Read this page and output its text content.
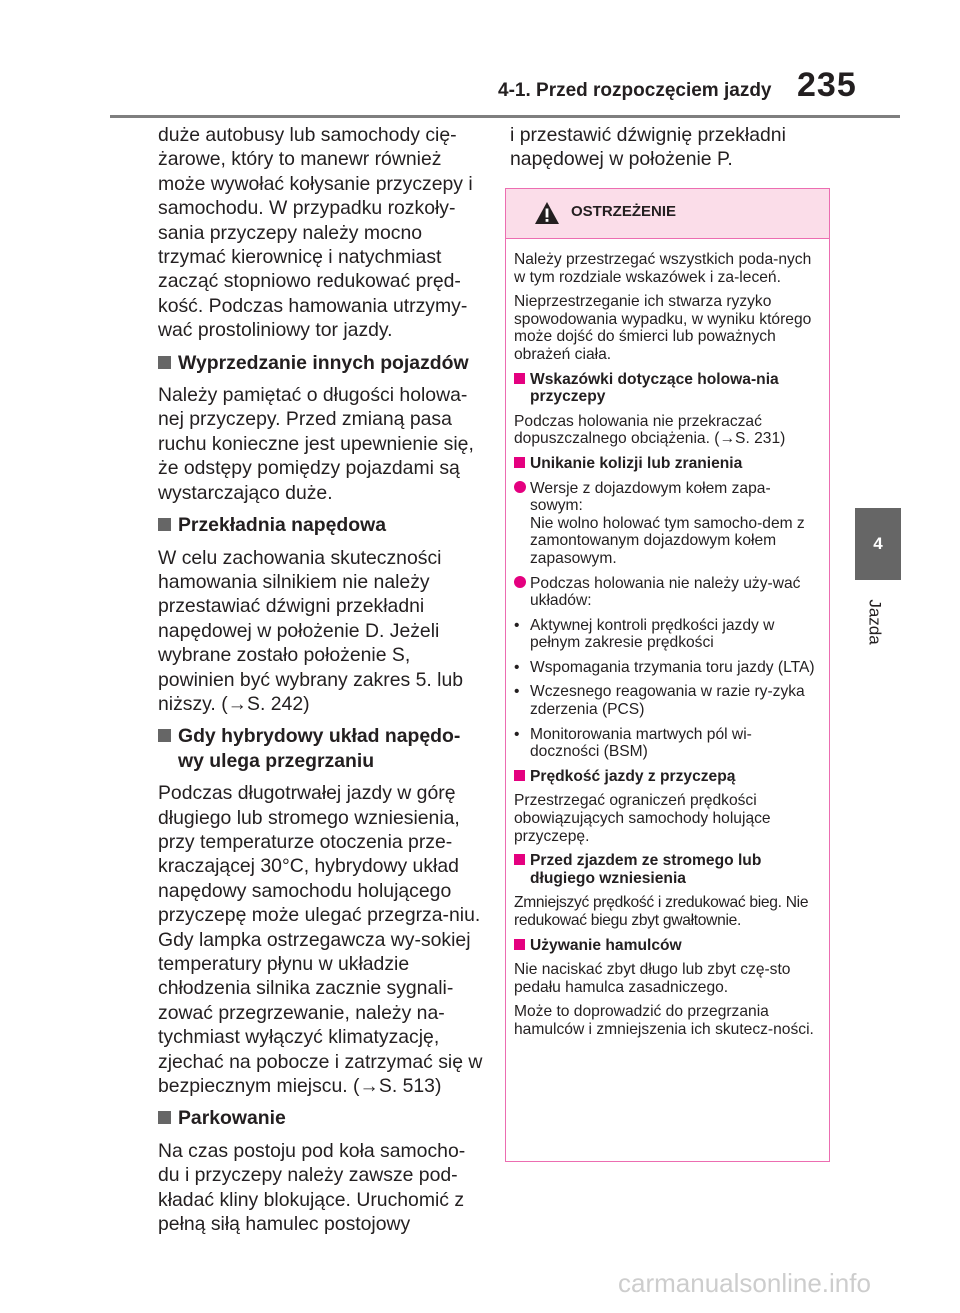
4-1. Przed rozpoczęciem jazdy 235
4
Jazda

duże autobusy lub samochody cię-żarowe, który to manewr również może wywołać kołysanie przyczepy i samochodu. W przypadku rozkoły-sania przyczepy należy mocno trzymać kierownicę i natychmiast zacząć stopniowo redukować pręd-kość. Podczas hamowania utrzymy-wać prostoliniowy tor jazdy.

Wyprzedzanie innych pojazdów

Należy pamiętać o długości holowa-nej przyczepy. Przed zmianą pasa ruchu konieczne jest upewnienie się, że odstępy pomiędzy pojazdami są wystarczająco duże.

Przekładnia napędowa

W celu zachowania skuteczności hamowania silnikiem nie należy przestawiać dźwigni przekładni napędowej w położenie D. Jeżeli wybrane zostało położenie S, powinien być wybrany zakres 5. lub niższy. (→S. 242)

Gdy hybrydowy układ napędo-wy ulega przegrzaniu

Podczas długotrwałej jazdy w górę długiego lub stromego wzniesienia, przy temperaturze otoczenia prze-kraczającej 30°C, hybrydowy układ napędowy samochodu holującego przyczepę może ulegać przegrza-niu. Gdy lampka ostrzegawcza wy-sokiej temperatury płynu w układzie chłodzenia silnika zacznie sygnali-zować przegrzewanie, należy na-tychmiast wyłączyć klimatyzację, zjechać na pobocze i zatrzymać się w bezpiecznym miejscu. (→S. 513)

Parkowanie

Na czas postoju pod koła samocho-du i przyczepy należy zawsze pod-kładać kliny blokujące. Uruchomić z pełną siłą hamulec postojowy

i przestawić dźwignię przekładni napędowej w położenie P.

OSTRZEŻENIE

Należy przestrzegać wszystkich poda-nych w tym rozdziale wskazówek i za-leceń.

Nieprzestrzeganie ich stwarza ryzyko spowodowania wypadku, w wyniku którego może dojść do śmierci lub poważnych obrażeń ciała.

Wskazówki dotyczące holowa-nia przyczepy

Podczas holowania nie przekraczać dopuszczalnego obciążenia. (→S. 231)

Unikanie kolizji lub zranienia

Wersje z dojazdowym kołem zapa-sowym:
Nie wolno holować tym samocho-dem z zamontowanym dojazdowym kołem zapasowym.
Podczas holowania nie należy uży-wać układów:
• Aktywnej kontroli prędkości jazdy w pełnym zakresie prędkości
• Wspomagania trzymania toru jazdy (LTA)
• Wczesnego reagowania w razie ry-zyka zderzenia (PCS)
• Monitorowania martwych pól wi-doczności (BSM)

Prędkość jazdy z przyczepą

Przestrzegać ograniczeń prędkości obowiązujących samochody holujące przyczepę.

Przed zjazdem ze stromego lub długiego wzniesienia

Zmniejszyć prędkość i zredukować bieg. Nie redukować biegu zbyt gwałtownie.

Używanie hamulców

Nie naciskać zbyt długo lub zbyt czę-sto pedału hamulca zasadniczego.

Może to doprowadzić do przegrzania hamulców i zmniejszenia ich skutecz-ności.

carmanualsonline.info
